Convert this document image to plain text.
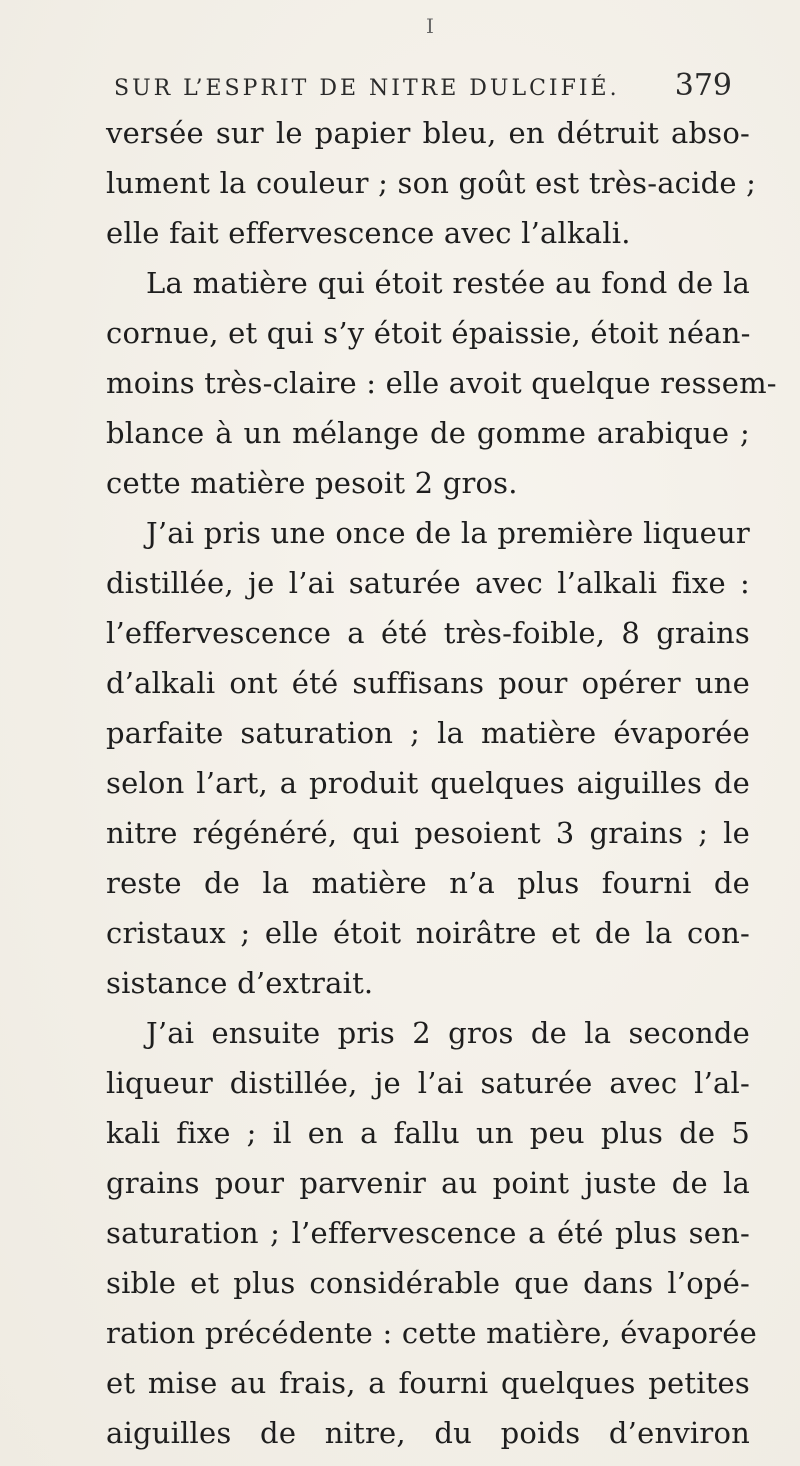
I
SUR L’ESPRIT DE NITRE DULCIFIÉ. 379
versée sur le papier bleu, en détruit abso-
lument la couleur ; son goût est très-acide ;
elle fait effervescence avec l’alkali.
La matière qui étoit restée au fond de la
cornue, et qui s’y étoit épaissie, étoit néan-
moins très-claire : elle avoit quelque ressem-
blance à un mélange de gomme arabique ;
cette matière pesoit 2 gros.
J’ai pris une once de la première liqueur
distillée, je l’ai saturée avec l’alkali fixe :
l’effervescence a été très-foible, 8 grains
d’alkali ont été suffisans pour opérer une
parfaite saturation ; la matière évaporée
selon l’art, a produit quelques aiguilles de
nitre régénéré, qui pesoient 3 grains ; le
reste de la matière n’a plus fourni de
cristaux ; elle étoit noirâtre et de la con-
sistance d’extrait.
J’ai ensuite pris 2 gros de la seconde
liqueur distillée, je l’ai saturée avec l’al-
kali fixe ; il en a fallu un peu plus de 5
grains pour parvenir au point juste de la
saturation ; l’effervescence a été plus sen-
sible et plus considérable que dans l’opé-
ration précédente : cette matière, évaporée
et mise au frais, a fourni quelques petites
aiguilles de nitre, du poids d’environ
